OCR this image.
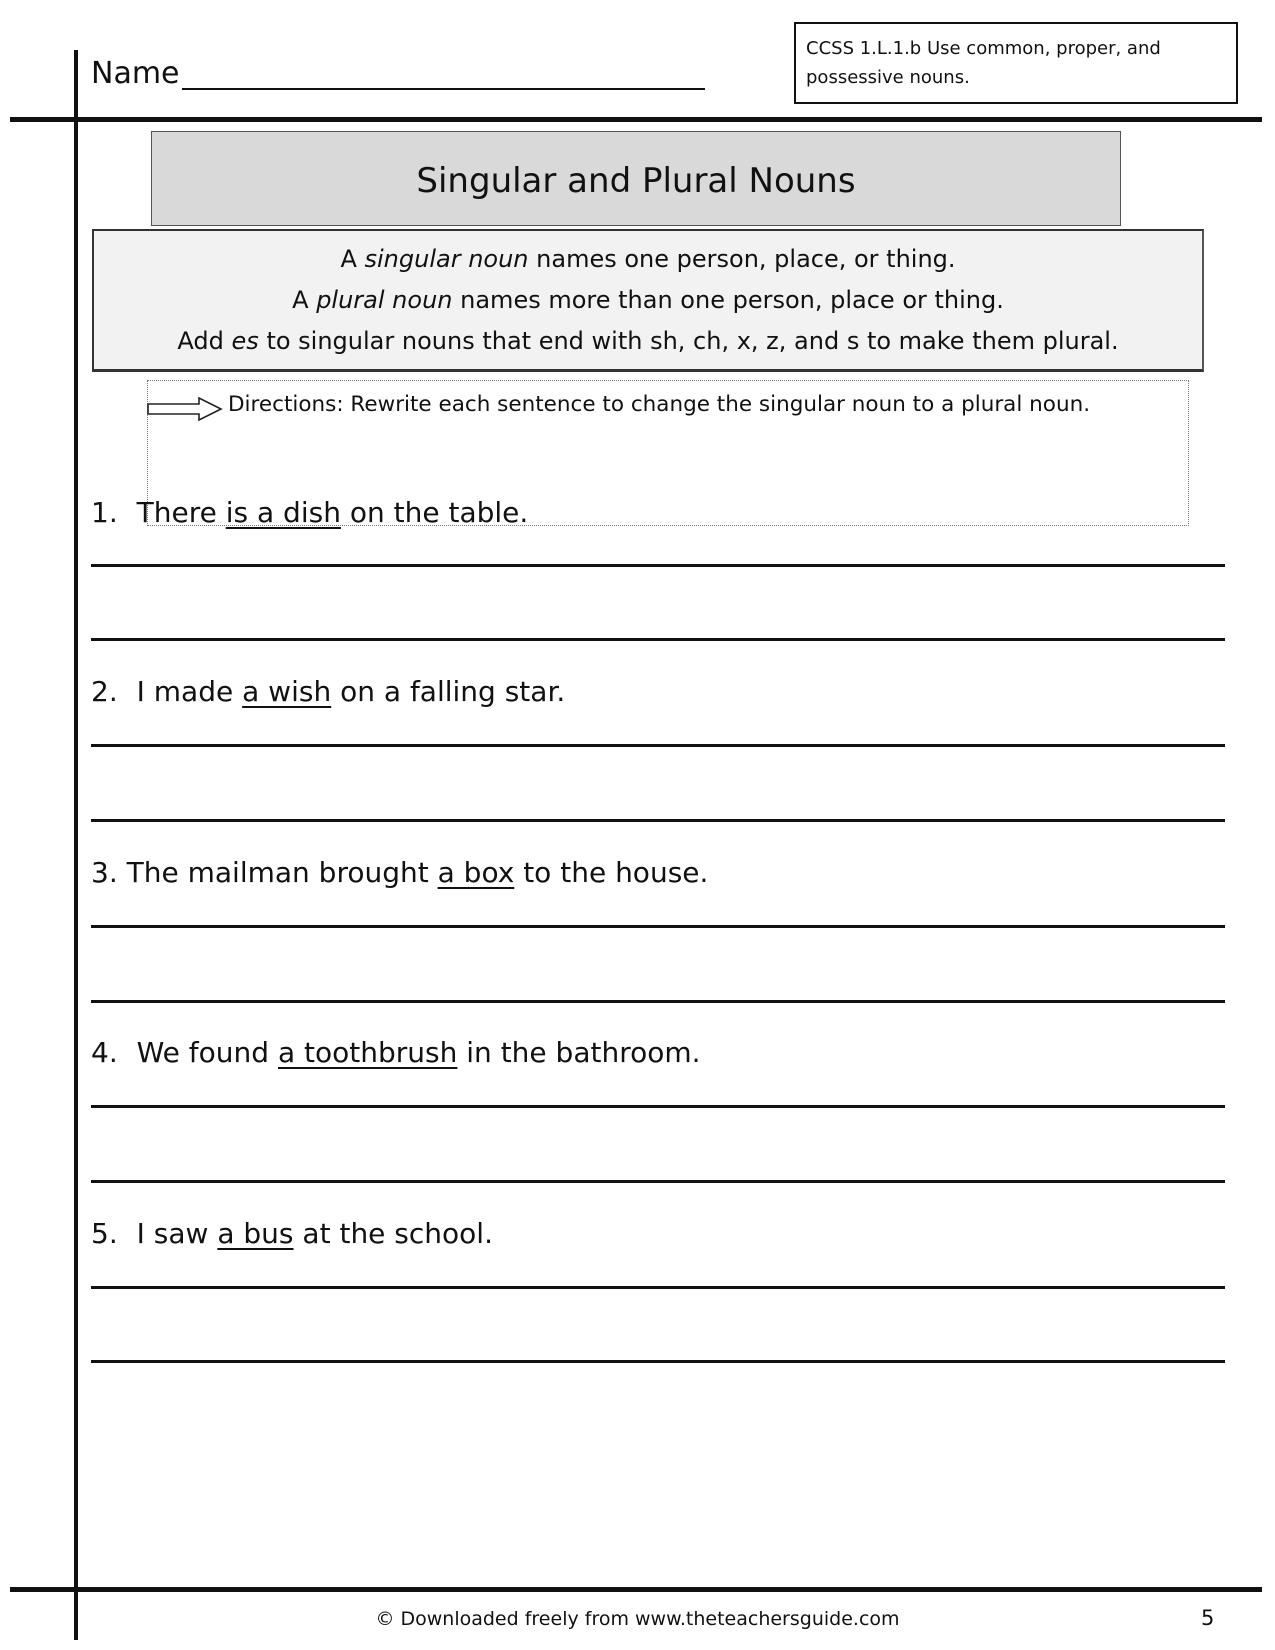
Name
CCSS 1.L.1.b Use common, proper, and possessive nouns.
Singular and Plural Nouns
A singular noun names one person, place, or thing.
A plural noun names more than one person, place or thing.
Add es to singular nouns that end with sh, ch, x, z, and s to make them plural.
Directions: Rewrite each sentence to change the singular noun to a plural noun.
1. There is a dish on the table.
2. I made a wish on a falling star.
3. The mailman brought a box to the house.
4. We found a toothbrush in the bathroom.
5. I saw a bus at the school.
© Downloaded freely from www.theteachersguide.com	5
